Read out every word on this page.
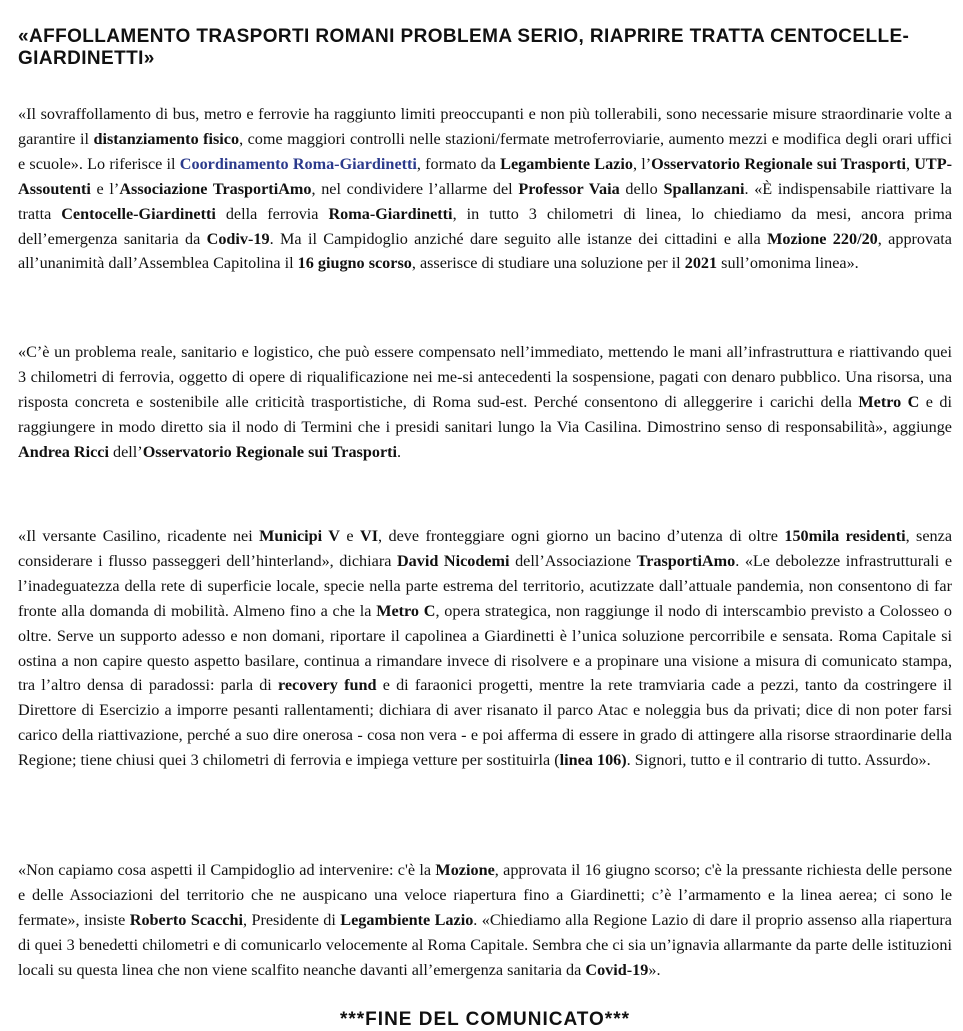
«AFFOLLAMENTO TRASPORTI ROMANI PROBLEMA SERIO, RIAPRIRE TRATTA CENTOCELLE-GIARDINETTI»

«Il sovraffollamento di bus, metro e ferrovie ha raggiunto limiti preoccupanti e non più tollerabili, sono necessarie misure straordinarie volte a garantire il distanziamento fisico, come maggiori controlli nelle stazioni/fermate metroferroviarie, aumento mezzi e modifica degli orari uffici e scuole». Lo riferisce il Coordinamento Roma-Giardinetti, formato da Legambiente Lazio, l’Osservatorio Regionale sui Trasporti, UTP-Assoutenti e l’Associazione TrasportiAmo, nel condividere l’allarme del Professor Vaia dello Spallanzani. «È indispensabile riattivare la tratta Centocelle-Giardinetti della ferrovia Roma-Giardinetti, in tutto 3 chilometri di linea, lo chiediamo da mesi, ancora prima dell’emergenza sanitaria da Codiv-19. Ma il Campidoglio anziché dare seguito alle istanze dei cittadini e alla Mozione 220/20, approvata all’unanimità dall’Assemblea Capitolina il 16 giugno scorso, asserisce di studiare una soluzione per il 2021 sull’omonima linea».

«C’è un problema reale, sanitario e logistico, che può essere compensato nell’immediato, mettendo le mani all’infrastruttura e riattivando quei 3 chilometri di ferrovia, oggetto di opere di riqualificazione nei me-si antecedenti la sospensione, pagati con denaro pubblico. Una risorsa, una risposta concreta e sostenibile alle criticità trasportistiche, di Roma sud-est. Perché consentono di alleggerire i carichi della Metro C e di raggiungere in modo diretto sia il nodo di Termini che i presidi sanitari lungo la Via Casilina. Dimostrino senso di responsabilità», aggiunge Andrea Ricci dell’Osservatorio Regionale sui Trasporti.

«Il versante Casilino, ricadente nei Municipi V e VI, deve fronteggiare ogni giorno un bacino d’utenza di oltre 150mila residenti, senza considerare i flusso passeggeri dell’hinterland», dichiara David Nicodemi dell’Associazione TrasportiAmo. «Le debolezze infrastrutturali e l’inadeguatezza della rete di superficie locale, specie nella parte estrema del territorio, acutizzate dall’attuale pandemia, non consentono di far fronte alla domanda di mobilità. Almeno fino a che la Metro C, opera strategica, non raggiunge il nodo di interscambio previsto a Colosseo o oltre. Serve un supporto adesso e non domani, riportare il capolinea a Giardinetti è l’unica soluzione percorribile e sensata. Roma Capitale si ostina a non capire questo aspetto basilare, continua a rimandare invece di risolvere e a propinare una visione a misura di comunicato stampa, tra l’altro densa di paradossi: parla di recovery fund e di faraonici progetti, mentre la rete tramviaria cade a pezzi, tanto da costringere il Direttore di Esercizio a imporre pesanti rallentamenti; dichiara di aver risanato il parco Atac e noleggia bus da privati; dice di non poter farsi carico della riattivazione, perché a suo dire onerosa - cosa non vera - e poi afferma di essere in grado di attingere alla risorse straordinarie della Regione; tiene chiusi quei 3 chilometri di ferrovia e impiega vetture per sostituirla (linea 106). Signori, tutto e il contrario di tutto. Assurdo».

«Non capiamo cosa aspetti il Campidoglio ad intervenire: c'è la Mozione, approvata il 16 giugno scorso; c'è la pressante richiesta delle persone e delle Associazioni del territorio che ne auspicano una veloce riapertura fino a Giardinetti; c’è l’armamento e la linea aerea; ci sono le fermate», insiste Roberto Scacchi, Presidente di Legambiente Lazio. «Chiediamo alla Regione Lazio di dare il proprio assenso alla riapertura di quei 3 benedetti chilometri e di comunicarlo velocemente al Roma Capitale. Sembra che ci sia un’ignavia allarmante da parte delle istituzioni locali su questa linea che non viene scalfito neanche davanti all’emergenza sanitaria da Covid-19».

***FINE DEL COMUNICATO***
